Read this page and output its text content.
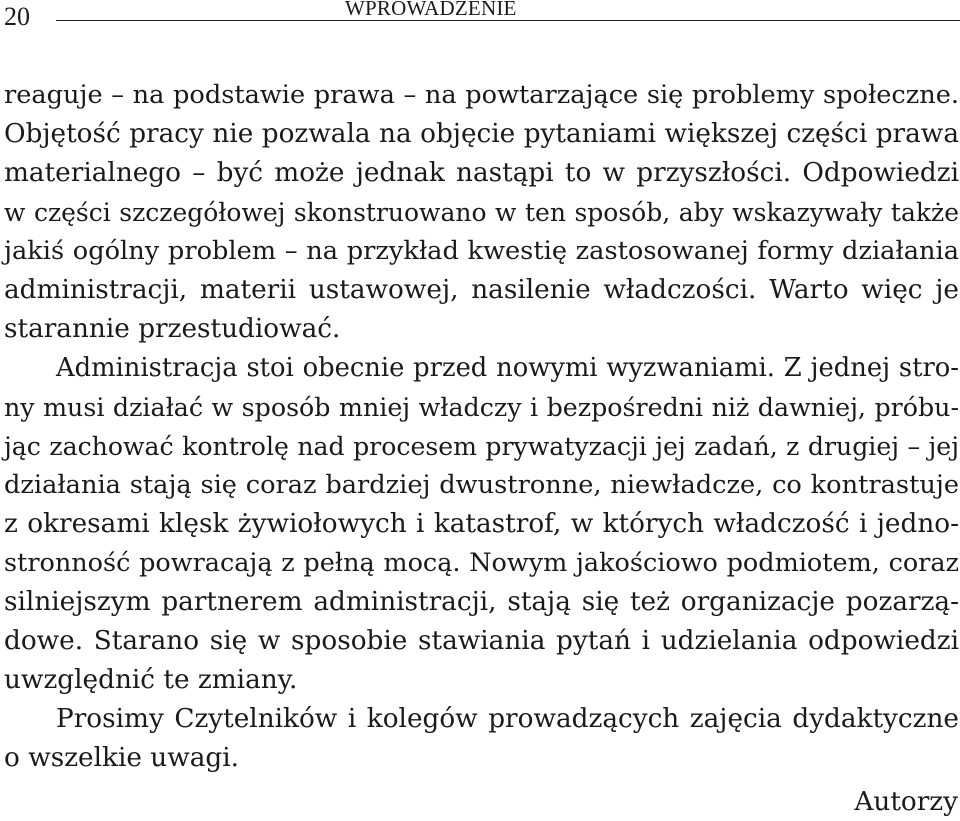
20	WPROWADZENIE
reaguje – na podstawie prawa – na powtarzające się problemy społeczne.
Objętość pracy nie pozwala na objęcie pytaniami większej części prawa
materialnego – być może jednak nastąpi to w przyszłości. Odpowiedzi
w części szczegółowej skonstruowano w ten sposób, aby wskazywały także
jakiś ogólny problem – na przykład kwestię zastosowanej formy działania
administracji, materii ustawowej, nasilenie władczości. Warto więc je
starannie przestudiować.
Administracja stoi obecnie przed nowymi wyzwaniami. Z jednej stro-
ny musi działać w sposób mniej władczy i bezpośredni niż dawniej, próbu-
jąc zachować kontrolę nad procesem prywatyzacji jej zadań, z drugiej – jej
działania stają się coraz bardziej dwustronne, niewładcze, co kontrastuje
z okresami klęsk żywiołowych i katastrof, w których władczość i jedno-
stronność powracają z pełną mocą. Nowym jakościowo podmiotem, coraz
silniejszym partnerem administracji, stają się też organizacje pozarzą-
dowe. Starano się w sposobie stawiania pytań i udzielania odpowiedzi
uwzględnić te zmiany.
Prosimy Czytelników i kolegów prowadzących zajęcia dydaktyczne
o wszelkie uwagi.
Autorzy
